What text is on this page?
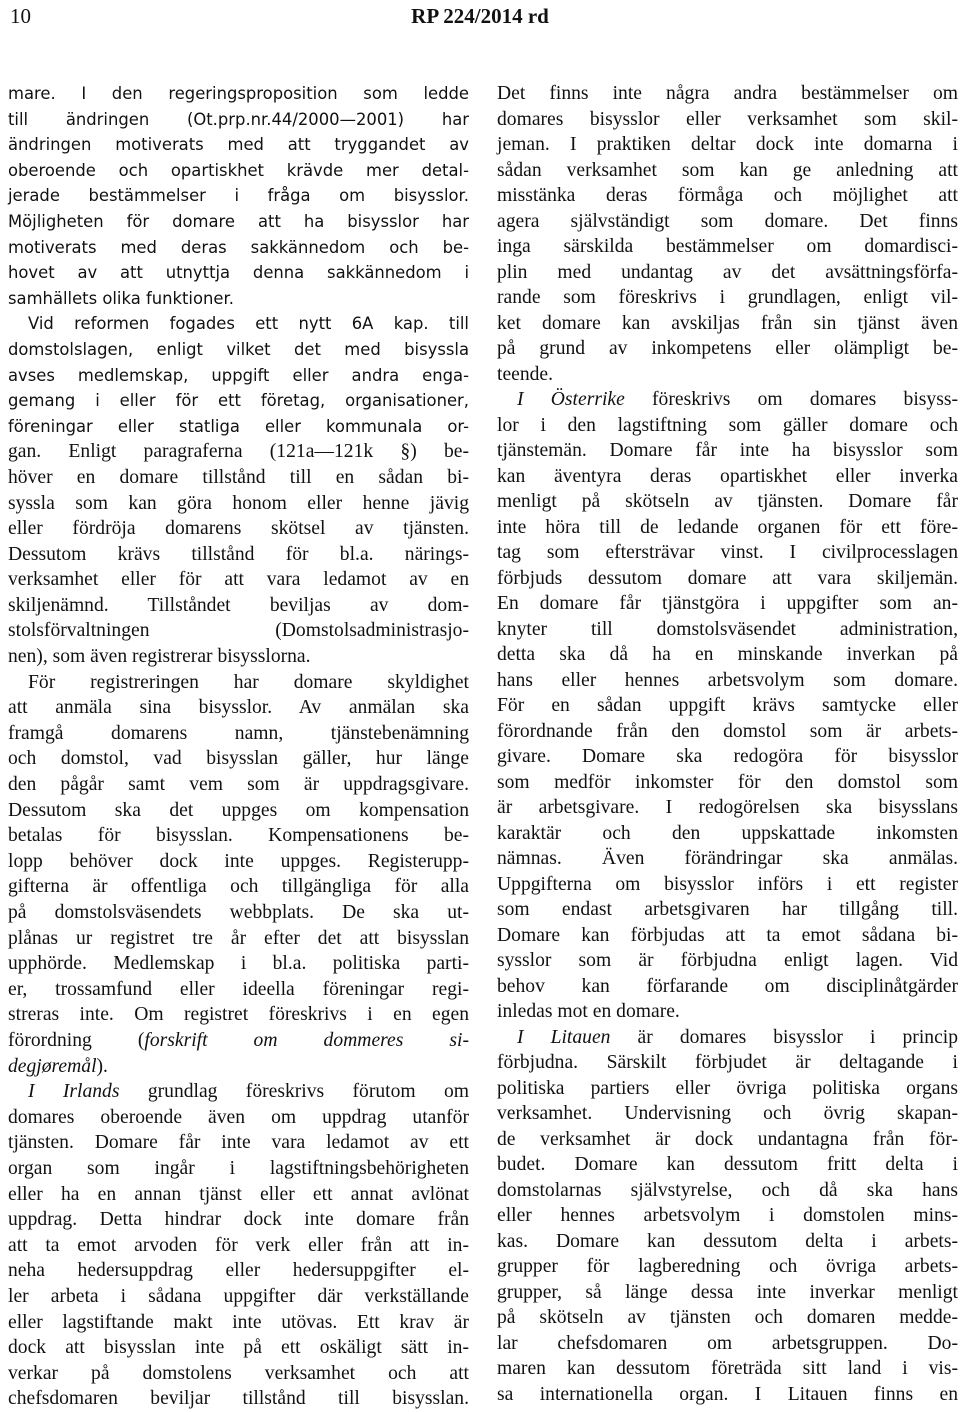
10	RP 224/2014 rd
mare. I den regeringsproposition som ledde
till ändringen (Ot.prp.nr.44/2000—2001) har
ändringen motiverats med att tryggandet av
oberoende och opartiskhet krävde mer detal-
jerade bestämmelser i fråga om bisysslor.
Möjligheten för domare att ha bisysslor har
motiverats med deras sakkännedom och be-
hovet av att utnyttja denna sakkännedom i
samhällets olika funktioner.
Vid reformen fogades ett nytt 6A kap. till
domstolslagen, enligt vilket det med bisyssla
avses medlemskap, uppgift eller andra enga-
gemang i eller för ett företag, organisationer,
föreningar eller statliga eller kommunala or-
gan. Enligt paragraferna (121a—121k §) be-
höver en domare tillstånd till en sådan bi-
syssla som kan göra honom eller henne jävig
eller fördröja domarens skötsel av tjänsten.
Dessutom krävs tillstånd för bl.a. närings-
verksamhet eller för att vara ledamot av en
skiljenämnd. Tillståndet beviljas av dom-
stolsförvaltningen (Domstolsadministrasjo-
nen), som även registrerar bisysslorna.
För registreringen har domare skyldighet
att anmäla sina bisysslor. Av anmälan ska
framgå domarens namn, tjänstebenämning
och domstol, vad bisysslan gäller, hur länge
den pågår samt vem som är uppdragsgivare.
Dessutom ska det uppges om kompensation
betalas för bisysslan. Kompensationens be-
lopp behöver dock inte uppges. Registerupp-
gifterna är offentliga och tillgängliga för alla
på domstolsväsendets webbplats. De ska ut-
plånas ur registret tre år efter det att bisysslan
upphörde. Medlemskap i bl.a. politiska parti-
er, trossamfund eller ideella föreningar regi-
streras inte. Om registret föreskrivs i en egen
förordning (forskrift om dommeres si-
degjøremål).
I Irlands grundlag föreskrivs förutom om
domares oberoende även om uppdrag utanför
tjänsten. Domare får inte vara ledamot av ett
organ som ingår i lagstiftningsbehörigheten
eller ha en annan tjänst eller ett annat avlönat
uppdrag. Detta hindrar dock inte domare från
att ta emot arvoden för verk eller från att in-
neha hedersuppdrag eller hedersuppgifter el-
ler arbeta i sådana uppgifter där verkställande
eller lagstiftande makt inte utövas. Ett krav är
dock att bisysslan inte på ett oskäligt sätt in-
verkar på domstolens verksamhet och att
chefsdomaren beviljar tillstånd till bisysslan.
Det finns inte några andra bestämmelser om
domares bisysslor eller verksamhet som skil-
jeman. I praktiken deltar dock inte domarna i
sådan verksamhet som kan ge anledning att
misstänka deras förmåga och möjlighet att
agera självständigt som domare. Det finns
inga särskilda bestämmelser om domardisci-
plin med undantag av det avsättningsförfa-
rande som föreskrivs i grundlagen, enligt vil-
ket domare kan avskiljas från sin tjänst även
på grund av inkompetens eller olämpligt be-
teende.
I Österrike föreskrivs om domares bisyss-
lor i den lagstiftning som gäller domare och
tjänstemän. Domare får inte ha bisysslor som
kan äventyra deras opartiskhet eller inverka
menligt på skötseln av tjänsten. Domare får
inte höra till de ledande organen för ett före-
tag som eftersträvar vinst. I civilprocesslagen
förbjuds dessutom domare att vara skiljemän.
En domare får tjänstgöra i uppgifter som an-
knyter till domstolsväsendet administration,
detta ska då ha en minskande inverkan på
hans eller hennes arbetsvolym som domare.
För en sådan uppgift krävs samtycke eller
förordnande från den domstol som är arbets-
givare. Domare ska redogöra för bisysslor
som medför inkomster för den domstol som
är arbetsgivare. I redogörelsen ska bisysslans
karaktär och den uppskattade inkomsten
nämnas. Även förändringar ska anmälas.
Uppgifterna om bisysslor införs i ett register
som endast arbetsgivaren har tillgång till.
Domare kan förbjudas att ta emot sådana bi-
sysslor som är förbjudna enligt lagen. Vid
behov kan förfarande om disciplinåtgärder
inledas mot en domare.
I Litauen är domares bisysslor i princip
förbjudna. Särskilt förbjudet är deltagande i
politiska partiers eller övriga politiska organs
verksamhet. Undervisning och övrig skapan-
de verksamhet är dock undantagna från för-
budet. Domare kan dessutom fritt delta i
domstolarnas självstyrelse, och då ska hans
eller hennes arbetsvolym i domstolen mins-
kas. Domare kan dessutom delta i arbets-
grupper för lagberedning och övriga arbets-
grupper, så länge dessa inte inverkar menligt
på skötseln av tjänsten och domaren medde-
lar chefsdomaren om arbetsgruppen. Do-
maren kan dessutom företräda sitt land i vis-
sa internationella organ. I Litauen finns en
